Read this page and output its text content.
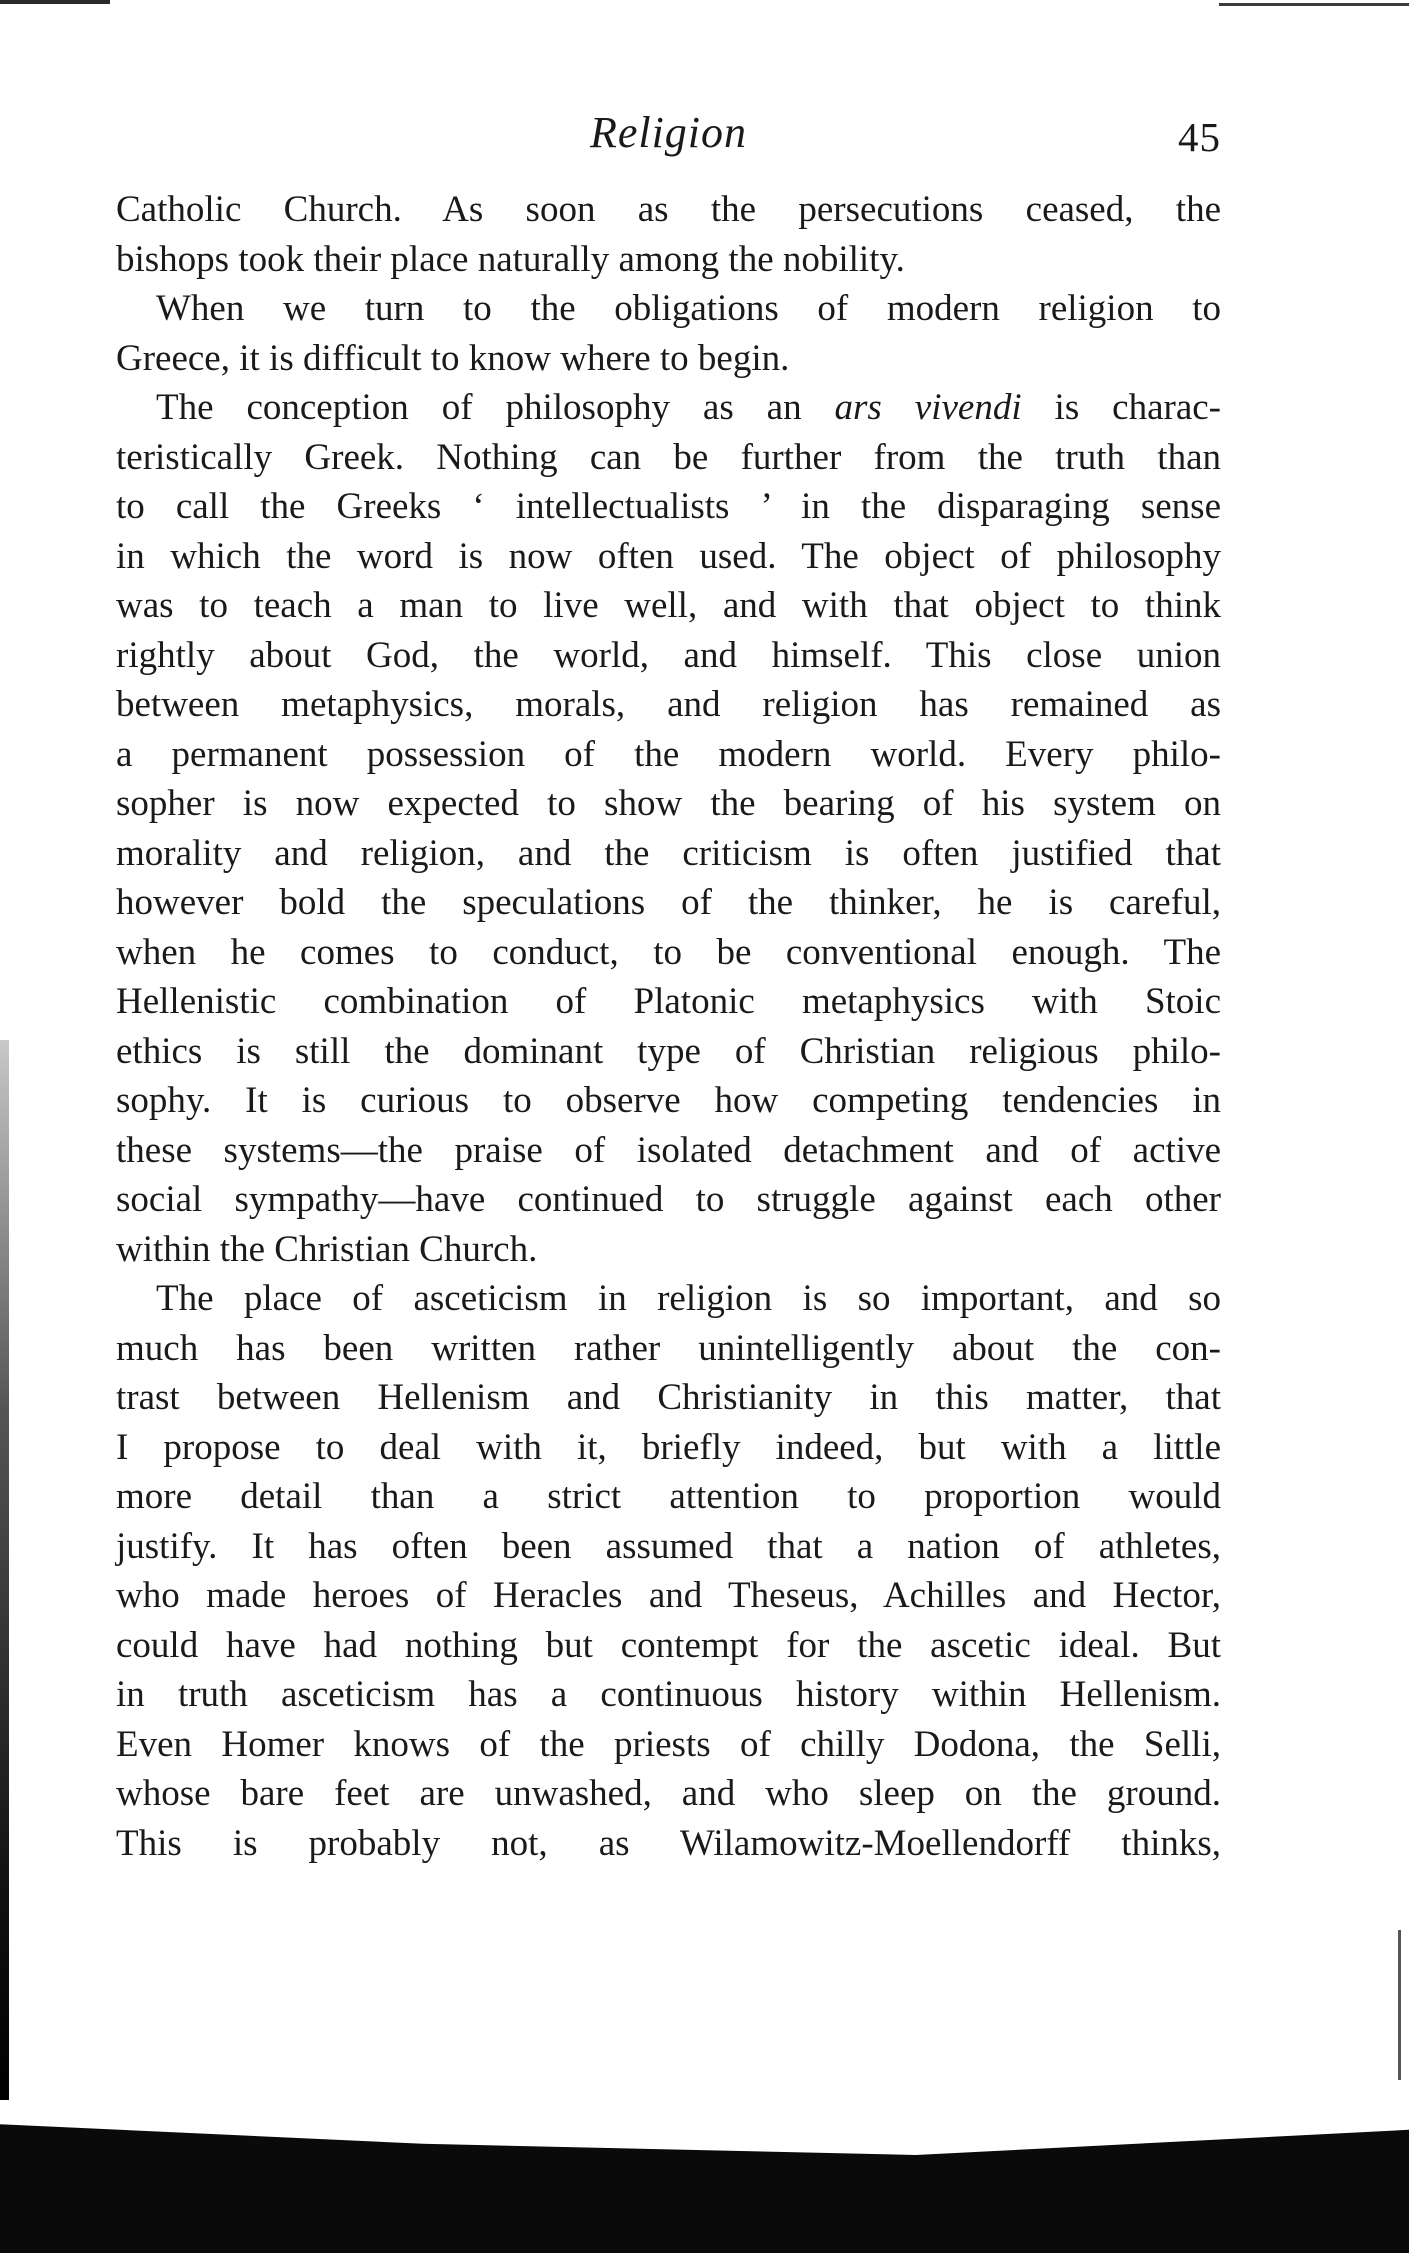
Religion	45
Catholic Church. As soon as the persecutions ceased, the
bishops took their place naturally among the nobility.
When we turn to the obligations of modern religion to
Greece, it is difficult to know where to begin.
The conception of philosophy as an ars vivendi is charac-
teristically Greek. Nothing can be further from the truth than
to call the Greeks ‘ intellectualists ’ in the disparaging sense
in which the word is now often used. The object of philosophy
was to teach a man to live well, and with that object to think
rightly about God, the world, and himself. This close union
between metaphysics, morals, and religion has remained as
a permanent possession of the modern world. Every philo-
sopher is now expected to show the bearing of his system on
morality and religion, and the criticism is often justified that
however bold the speculations of the thinker, he is careful,
when he comes to conduct, to be conventional enough. The
Hellenistic combination of Platonic metaphysics with Stoic
ethics is still the dominant type of Christian religious philo-
sophy. It is curious to observe how competing tendencies in
these systems—the praise of isolated detachment and of active
social sympathy—have continued to struggle against each other
within the Christian Church.
The place of asceticism in religion is so important, and so
much has been written rather unintelligently about the con-
trast between Hellenism and Christianity in this matter, that
I propose to deal with it, briefly indeed, but with a little
more detail than a strict attention to proportion would
justify. It has often been assumed that a nation of athletes,
who made heroes of Heracles and Theseus, Achilles and Hector,
could have had nothing but contempt for the ascetic ideal. But
in truth asceticism has a continuous history within Hellenism.
Even Homer knows of the priests of chilly Dodona, the Selli,
whose bare feet are unwashed, and who sleep on the ground.
This is probably not, as Wilamowitz-Moellendorff thinks,
